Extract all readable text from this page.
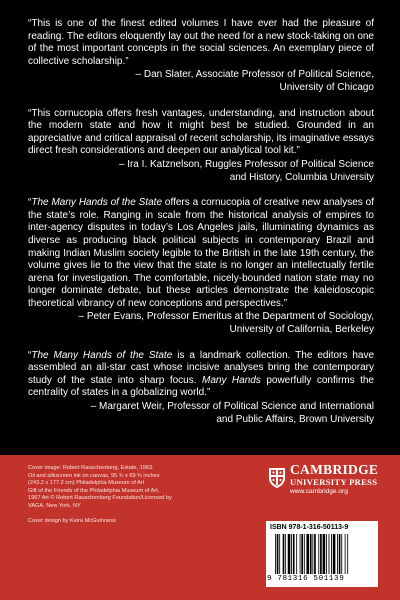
“This is one of the finest edited volumes I have ever had the pleasure of reading. The editors eloquently lay out the need for a new stock-taking on one of the most important concepts in the social sciences. An exemplary piece of collective scholarship.”
– Dan Slater, Associate Professor of Political Science,
University of Chicago
“This cornucopia offers fresh vantages, understanding, and instruction about the modern state and how it might best be studied. Grounded in an appreciative and critical appraisal of recent scholarship, its imaginative essays direct fresh considerations and deepen our analytical tool kit.”
– Ira I. Katznelson, Ruggles Professor of Political Science
and History, Columbia University
“The Many Hands of the State offers a cornucopia of creative new analyses of the state’s role. Ranging in scale from the historical analysis of empires to inter-agency disputes in today’s Los Angeles jails, illuminating dynamics as diverse as producing black political subjects in contemporary Brazil and making Indian Muslim society legible to the British in the late 19th century, the volume gives lie to the view that the state is no longer an intellectually fertile arena for investigation. The comfortable, nicely-bounded nation state may no longer dominate debate, but these articles demonstrate the kaleidoscopic theoretical vibrancy of new conceptions and perspectives.”
– Peter Evans, Professor Emeritus at the Department of Sociology,
University of California, Berkeley
“The Many Hands of the State is a landmark collection. The editors have assembled an all-star cast whose incisive analyses bring the contemporary study of the state into sharp focus. Many Hands powerfully confirms the centrality of states in a globalizing world.”
– Margaret Weir, Professor of Political Science and International
and Public Affairs, Brown University
Cover image: Robert Rauschenberg, Estate, 1963.
Oil and silkscreen ink on canvas, 95 ¾ x 69 ¾ inches
(243.2 x 177.2 cm) Philadelphia Museum of Art
Gift of the Friends of the Philadelphia Museum of Art,
1967 Art © Robert Rauschenberg Foundation/Licensed by
VAGA, New York, NY
Cover design by Keira McGuinness
CAMBRIDGE
UNIVERSITY PRESS
www.cambridge.org
ISBN 978-1-316-50113-9
9 781316 501139
